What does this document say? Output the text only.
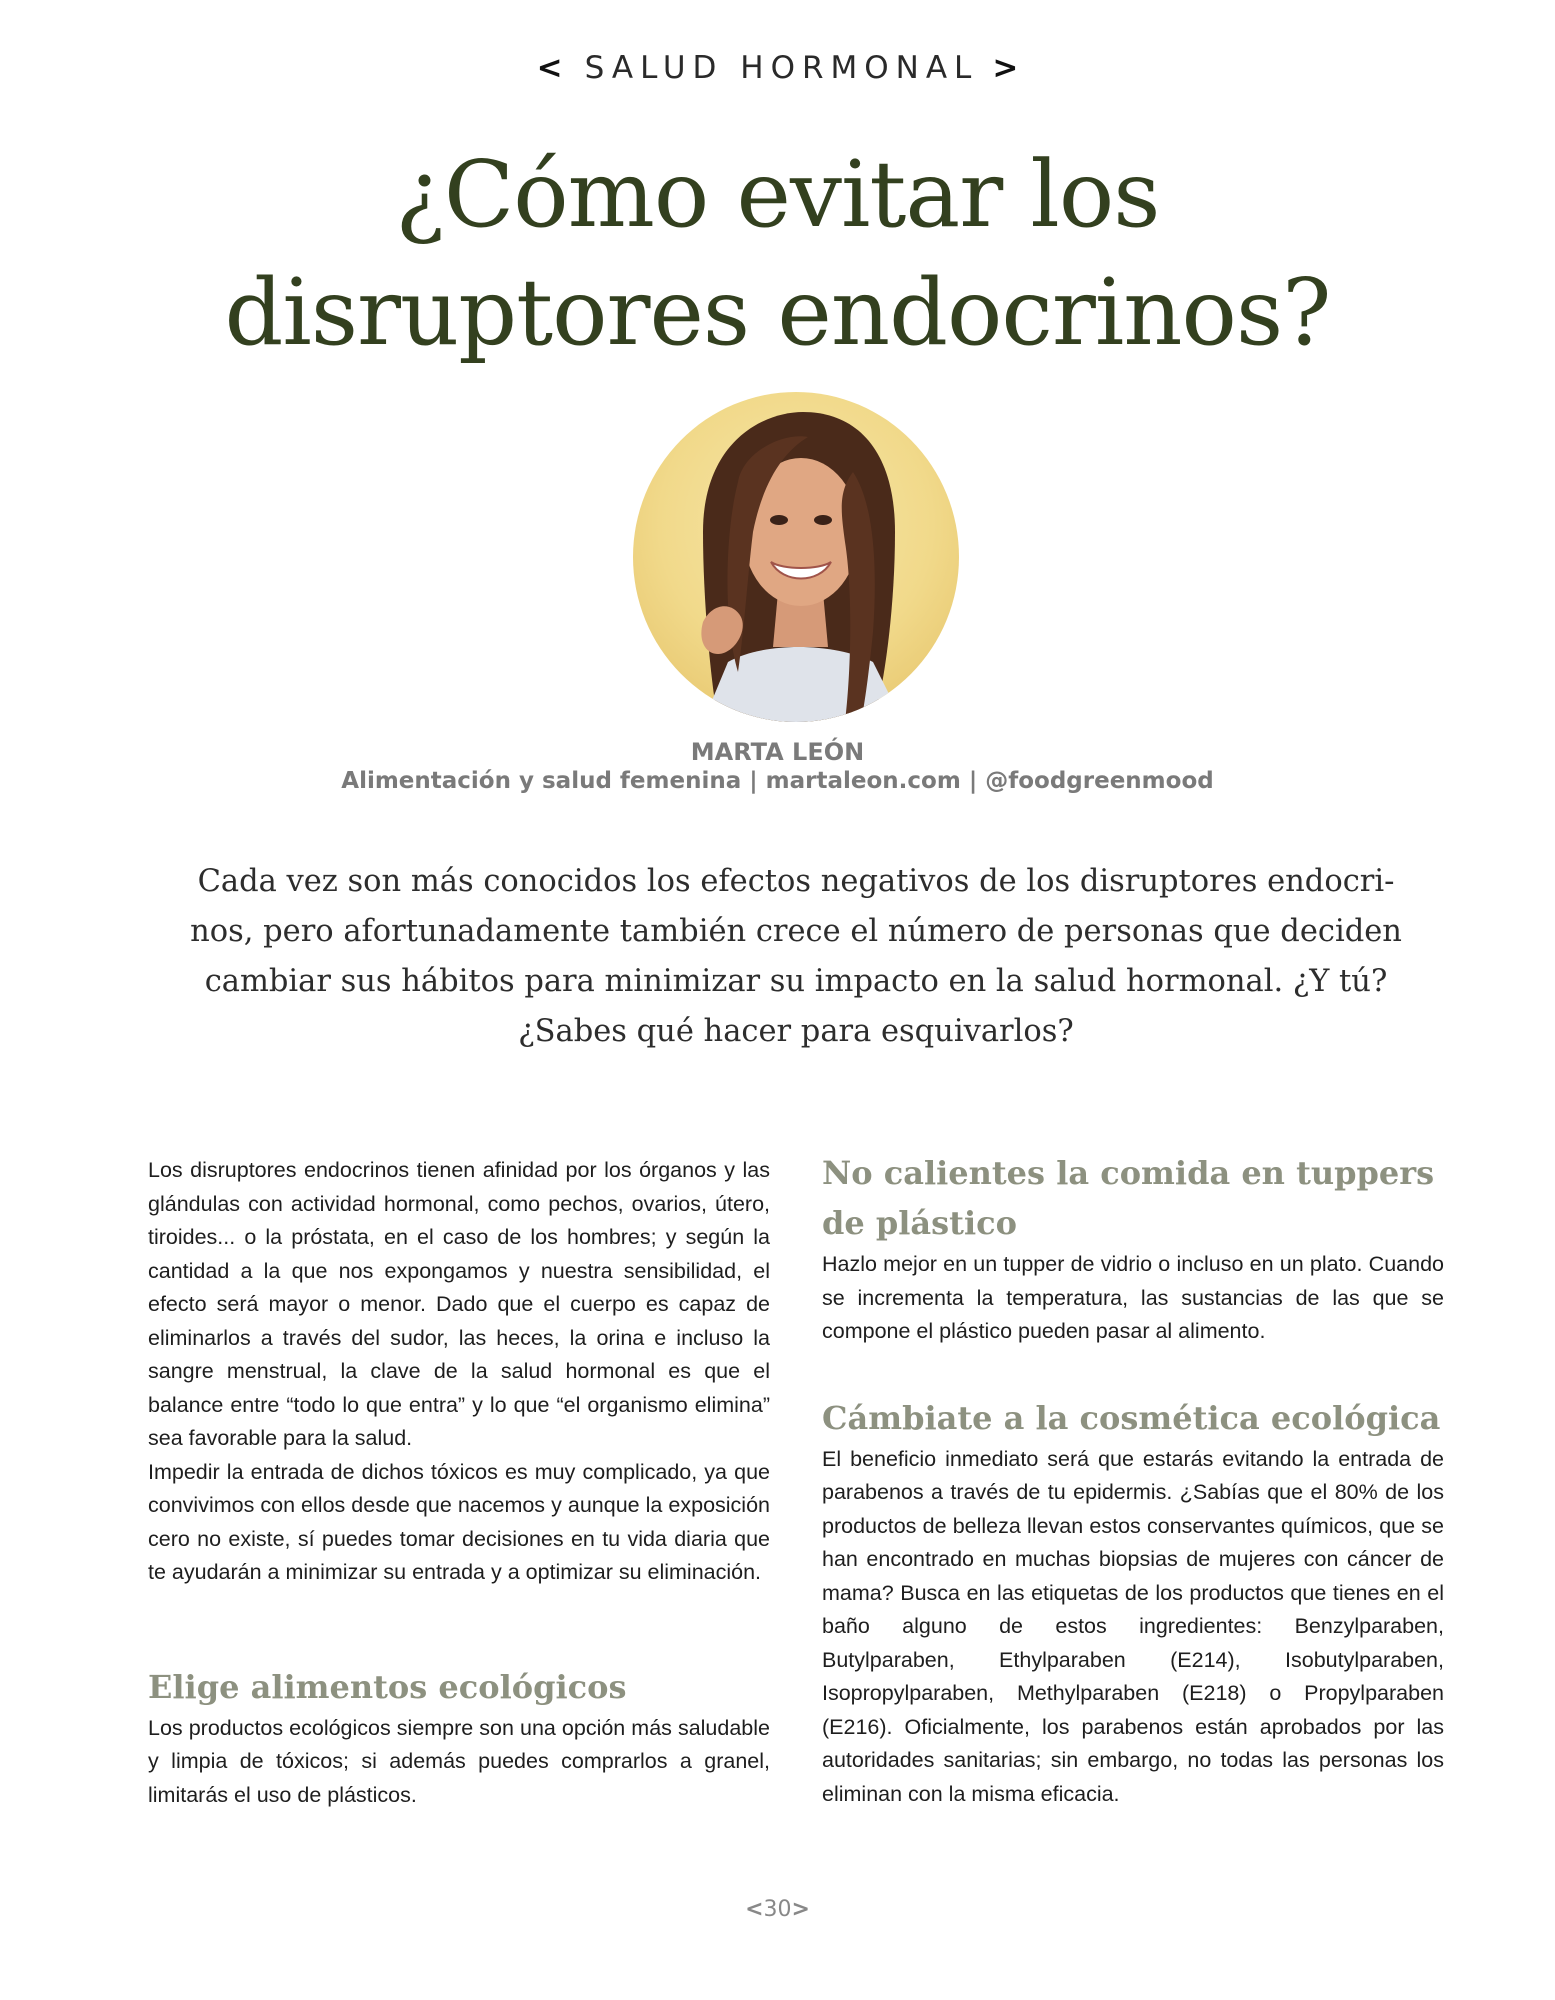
< SALUD HORMONAL >
¿Cómo evitar los
disruptores endocrinos?
MARTA LEÓN
Alimentación y salud femenina | martaleon.com | @foodgreenmood

Cada vez son más conocidos los efectos negativos de los disruptores endocri-nos, pero afortunadamente también crece el número de personas que deciden cambiar sus hábitos para minimizar su impacto en la salud hormonal. ¿Y tú? ¿Sabes qué hacer para esquivarlos?

Los disruptores endocrinos tienen afinidad por los órganos y las glándulas con actividad hormonal, como pechos, ovarios, útero, tiroides... o la próstata, en el caso de los hombres; y según la cantidad a la que nos expongamos y nuestra sensibilidad, el efecto será mayor o menor. Dado que el cuerpo es capaz de eliminarlos a través del sudor, las heces, la orina e incluso la sangre menstrual, la clave de la salud hormonal es que el balance entre “todo lo que entra” y lo que “el organismo elimina” sea favorable para la salud.

Impedir la entrada de dichos tóxicos es muy complicado, ya que convivimos con ellos desde que nacemos y aunque la exposición cero no existe, sí puedes tomar decisiones en tu vida diaria que te ayudarán a minimizar su entrada y a optimizar su eliminación.

Elige alimentos ecológicos

Los productos ecológicos siempre son una opción más saludable y limpia de tóxicos; si además puedes comprarlos a granel, limitarás el uso de plásticos.

No calientes la comida en tuppers de plástico

Hazlo mejor en un tupper de vidrio o incluso en un plato. Cuando se incrementa la temperatura, las sustancias de las que se compone el plástico pueden pasar al alimento.

Cámbiate a la cosmética ecológica

El beneficio inmediato será que estarás evitando la entrada de parabenos a través de tu epidermis. ¿Sabías que el 80% de los productos de belleza llevan estos conservantes químicos, que se han encontrado en muchas biopsias de mujeres con cáncer de mama? Busca en las etiquetas de los productos que tienes en el baño alguno de estos ingredientes: Benzylparaben, Butylparaben, Ethylparaben (E214), Isobutylparaben, Isopropylparaben, Methylparaben (E218) o Propylparaben (E216). Oficialmente, los parabenos están aprobados por las autoridades sanitarias; sin embargo, no todas las personas los eliminan con la misma eficacia.

<30>
